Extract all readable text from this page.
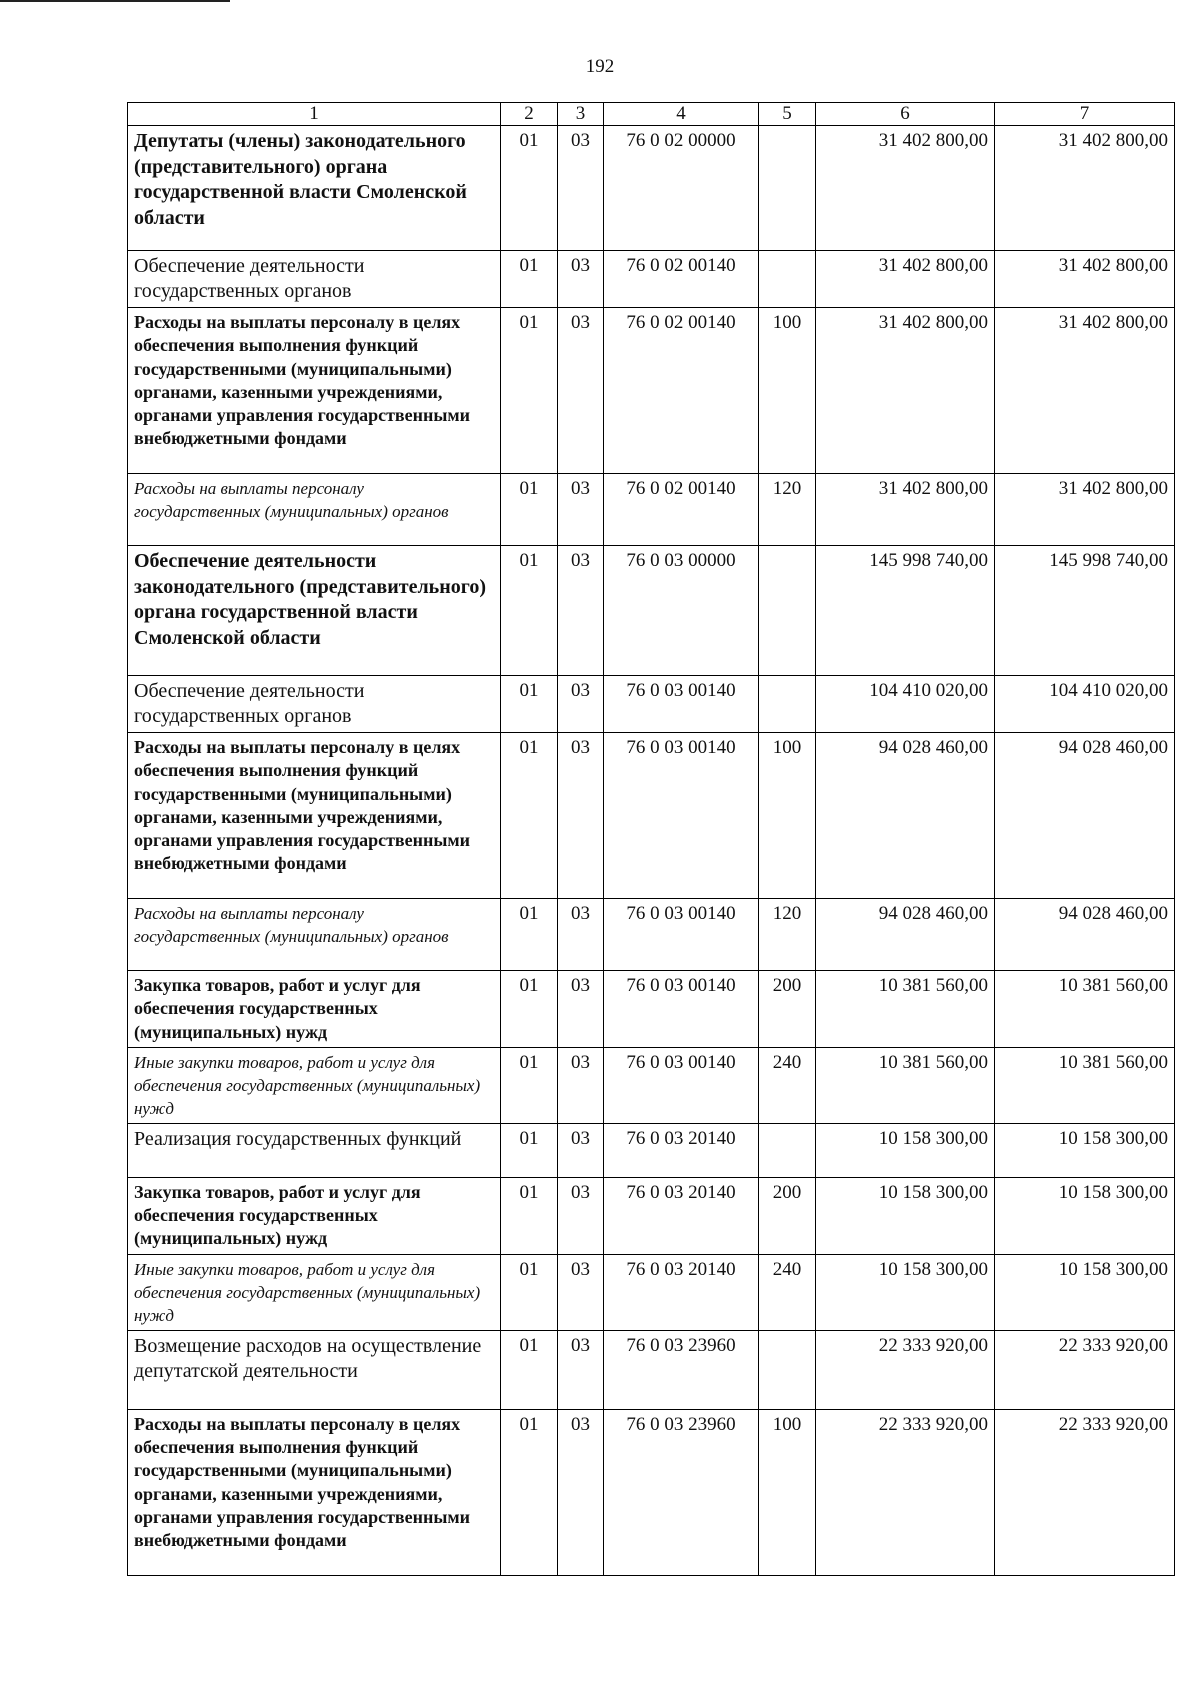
192
1	2	3	4	5	6	7
Депутаты (члены) законодательного (представительного) органа государственной власти Смоленской области	01	03	76 0 02 00000		31 402 800,00	31 402 800,00
Обеспечение деятельности государственных органов	01	03	76 0 02 00140		31 402 800,00	31 402 800,00
Расходы на выплаты персоналу в целях обеспечения выполнения функций государственными (муниципальными) органами, казенными учреждениями, органами управления государственными внебюджетными фондами	01	03	76 0 02 00140	100	31 402 800,00	31 402 800,00
Расходы на выплаты персоналу государственных (муниципальных) органов	01	03	76 0 02 00140	120	31 402 800,00	31 402 800,00
Обеспечение деятельности законодательного (представительного) органа государственной власти Смоленской области	01	03	76 0 03 00000		145 998 740,00	145 998 740,00
Обеспечение деятельности государственных органов	01	03	76 0 03 00140		104 410 020,00	104 410 020,00
Расходы на выплаты персоналу в целях обеспечения выполнения функций государственными (муниципальными) органами, казенными учреждениями, органами управления государственными внебюджетными фондами	01	03	76 0 03 00140	100	94 028 460,00	94 028 460,00
Расходы на выплаты персоналу государственных (муниципальных) органов	01	03	76 0 03 00140	120	94 028 460,00	94 028 460,00
Закупка товаров, работ и услуг для обеспечения государственных (муниципальных) нужд	01	03	76 0 03 00140	200	10 381 560,00	10 381 560,00
Иные закупки товаров, работ и услуг для обеспечения государственных (муниципальных) нужд	01	03	76 0 03 00140	240	10 381 560,00	10 381 560,00
Реализация государственных функций	01	03	76 0 03 20140		10 158 300,00	10 158 300,00
Закупка товаров, работ и услуг для обеспечения государственных (муниципальных) нужд	01	03	76 0 03 20140	200	10 158 300,00	10 158 300,00
Иные закупки товаров, работ и услуг для обеспечения государственных (муниципальных) нужд	01	03	76 0 03 20140	240	10 158 300,00	10 158 300,00
Возмещение расходов на осуществление депутатской деятельности	01	03	76 0 03 23960		22 333 920,00	22 333 920,00
Расходы на выплаты персоналу в целях обеспечения выполнения функций государственными (муниципальными) органами, казенными учреждениями, органами управления государственными внебюджетными фондами	01	03	76 0 03 23960	100	22 333 920,00	22 333 920,00
